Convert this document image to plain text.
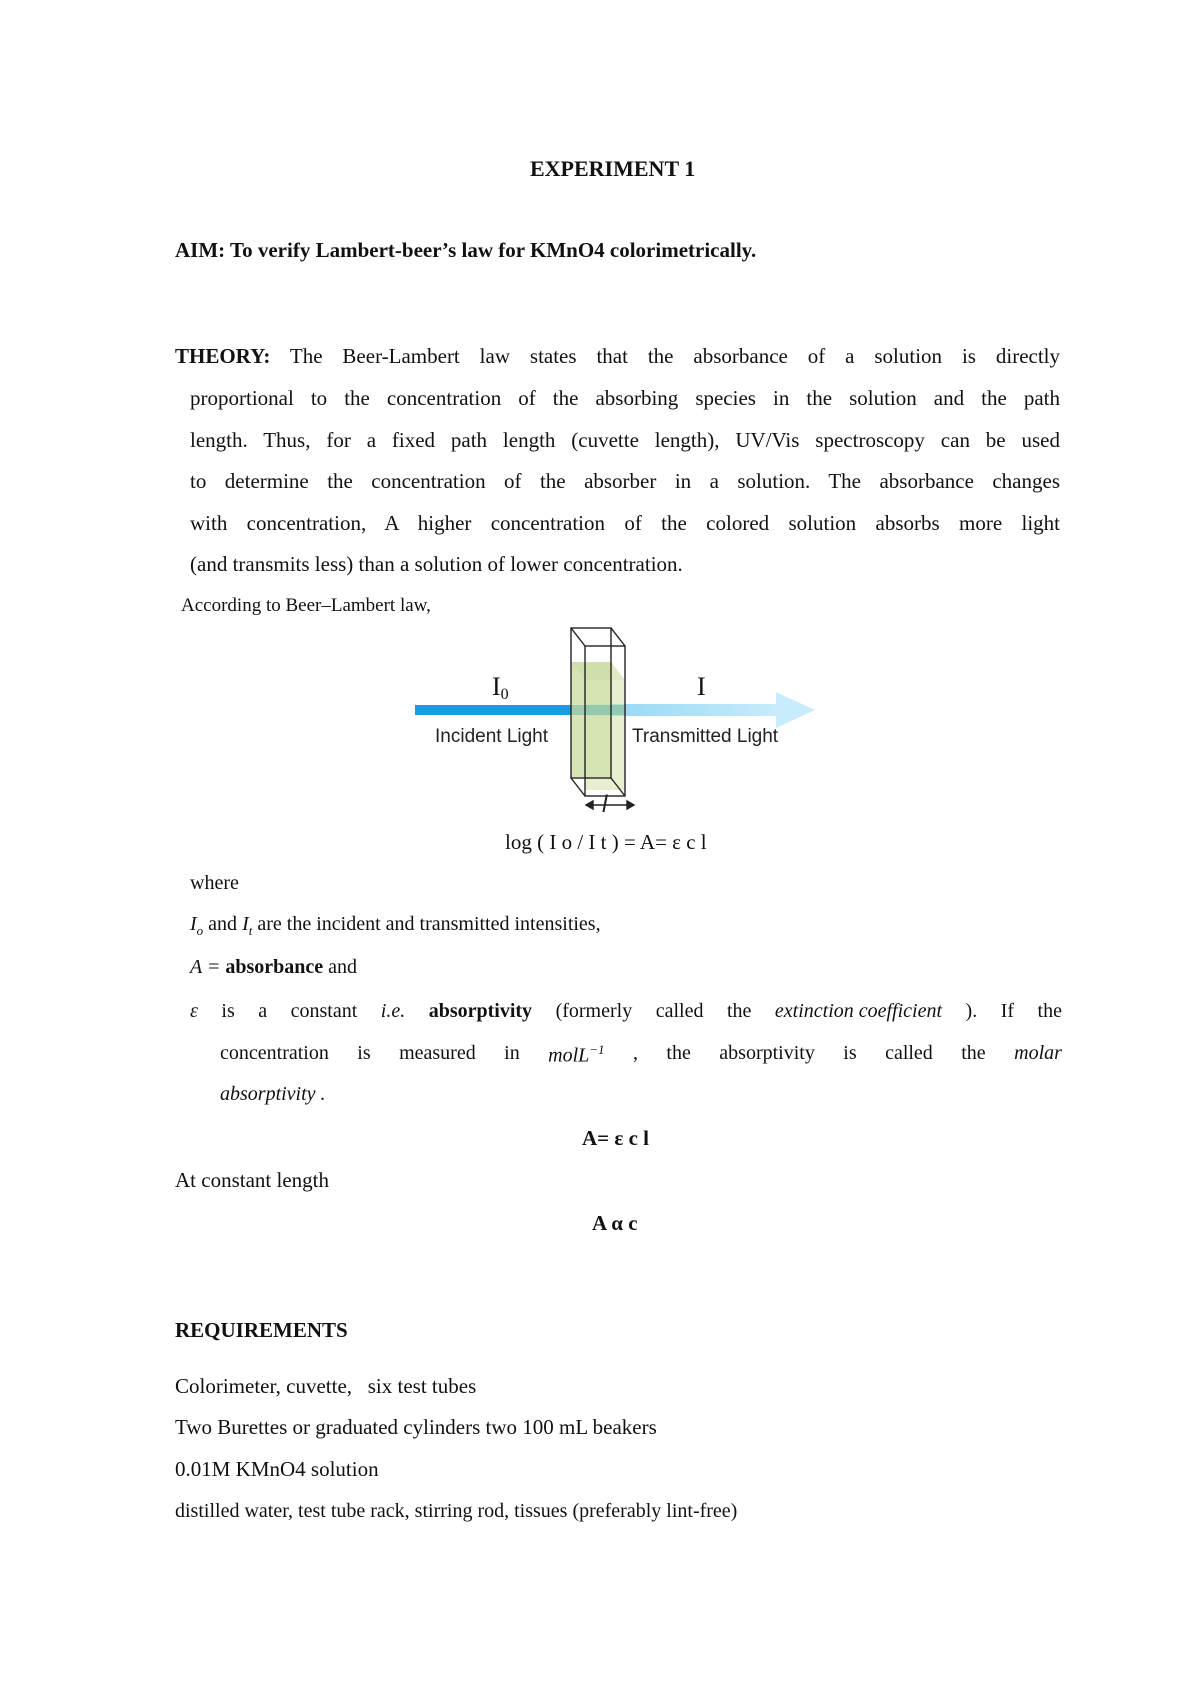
EXPERIMENT 1
AIM: To verify Lambert-beer’s law for KMnO4 colorimetrically.
THEORY: The Beer-Lambert law states that the absorbance of a solution is directly
proportional to the concentration of the absorbing species in the solution and the path
length. Thus, for a fixed path length (cuvette length), UV/Vis spectroscopy can be used
to determine the concentration of the absorber in a solution. The absorbance changes
with concentration, A higher concentration of the colored solution absorbs more light
(and transmits less) than a solution of lower concentration.
According to Beer–Lambert law,
I0	I
Incident Light	Transmitted Light
l
log ( I o / I t ) = A= ε c l
where
$I_o$ and $I_t$ are the incident and transmitted intensities,
A = absorbance and
ε is a constant i.e. absorptivity (formerly called the extinction coefficient ). If the
concentration is measured in molL$^{-1}$ , the absorptivity is called the molar
absorptivity .
A= ε c l
At constant length
A α c
REQUIREMENTS
Colorimeter, cuvette,   six test tubes
Two Burettes or graduated cylinders two 100 mL beakers
0.01M KMnO4 solution
distilled water, test tube rack, stirring rod, tissues (preferably lint-free)
